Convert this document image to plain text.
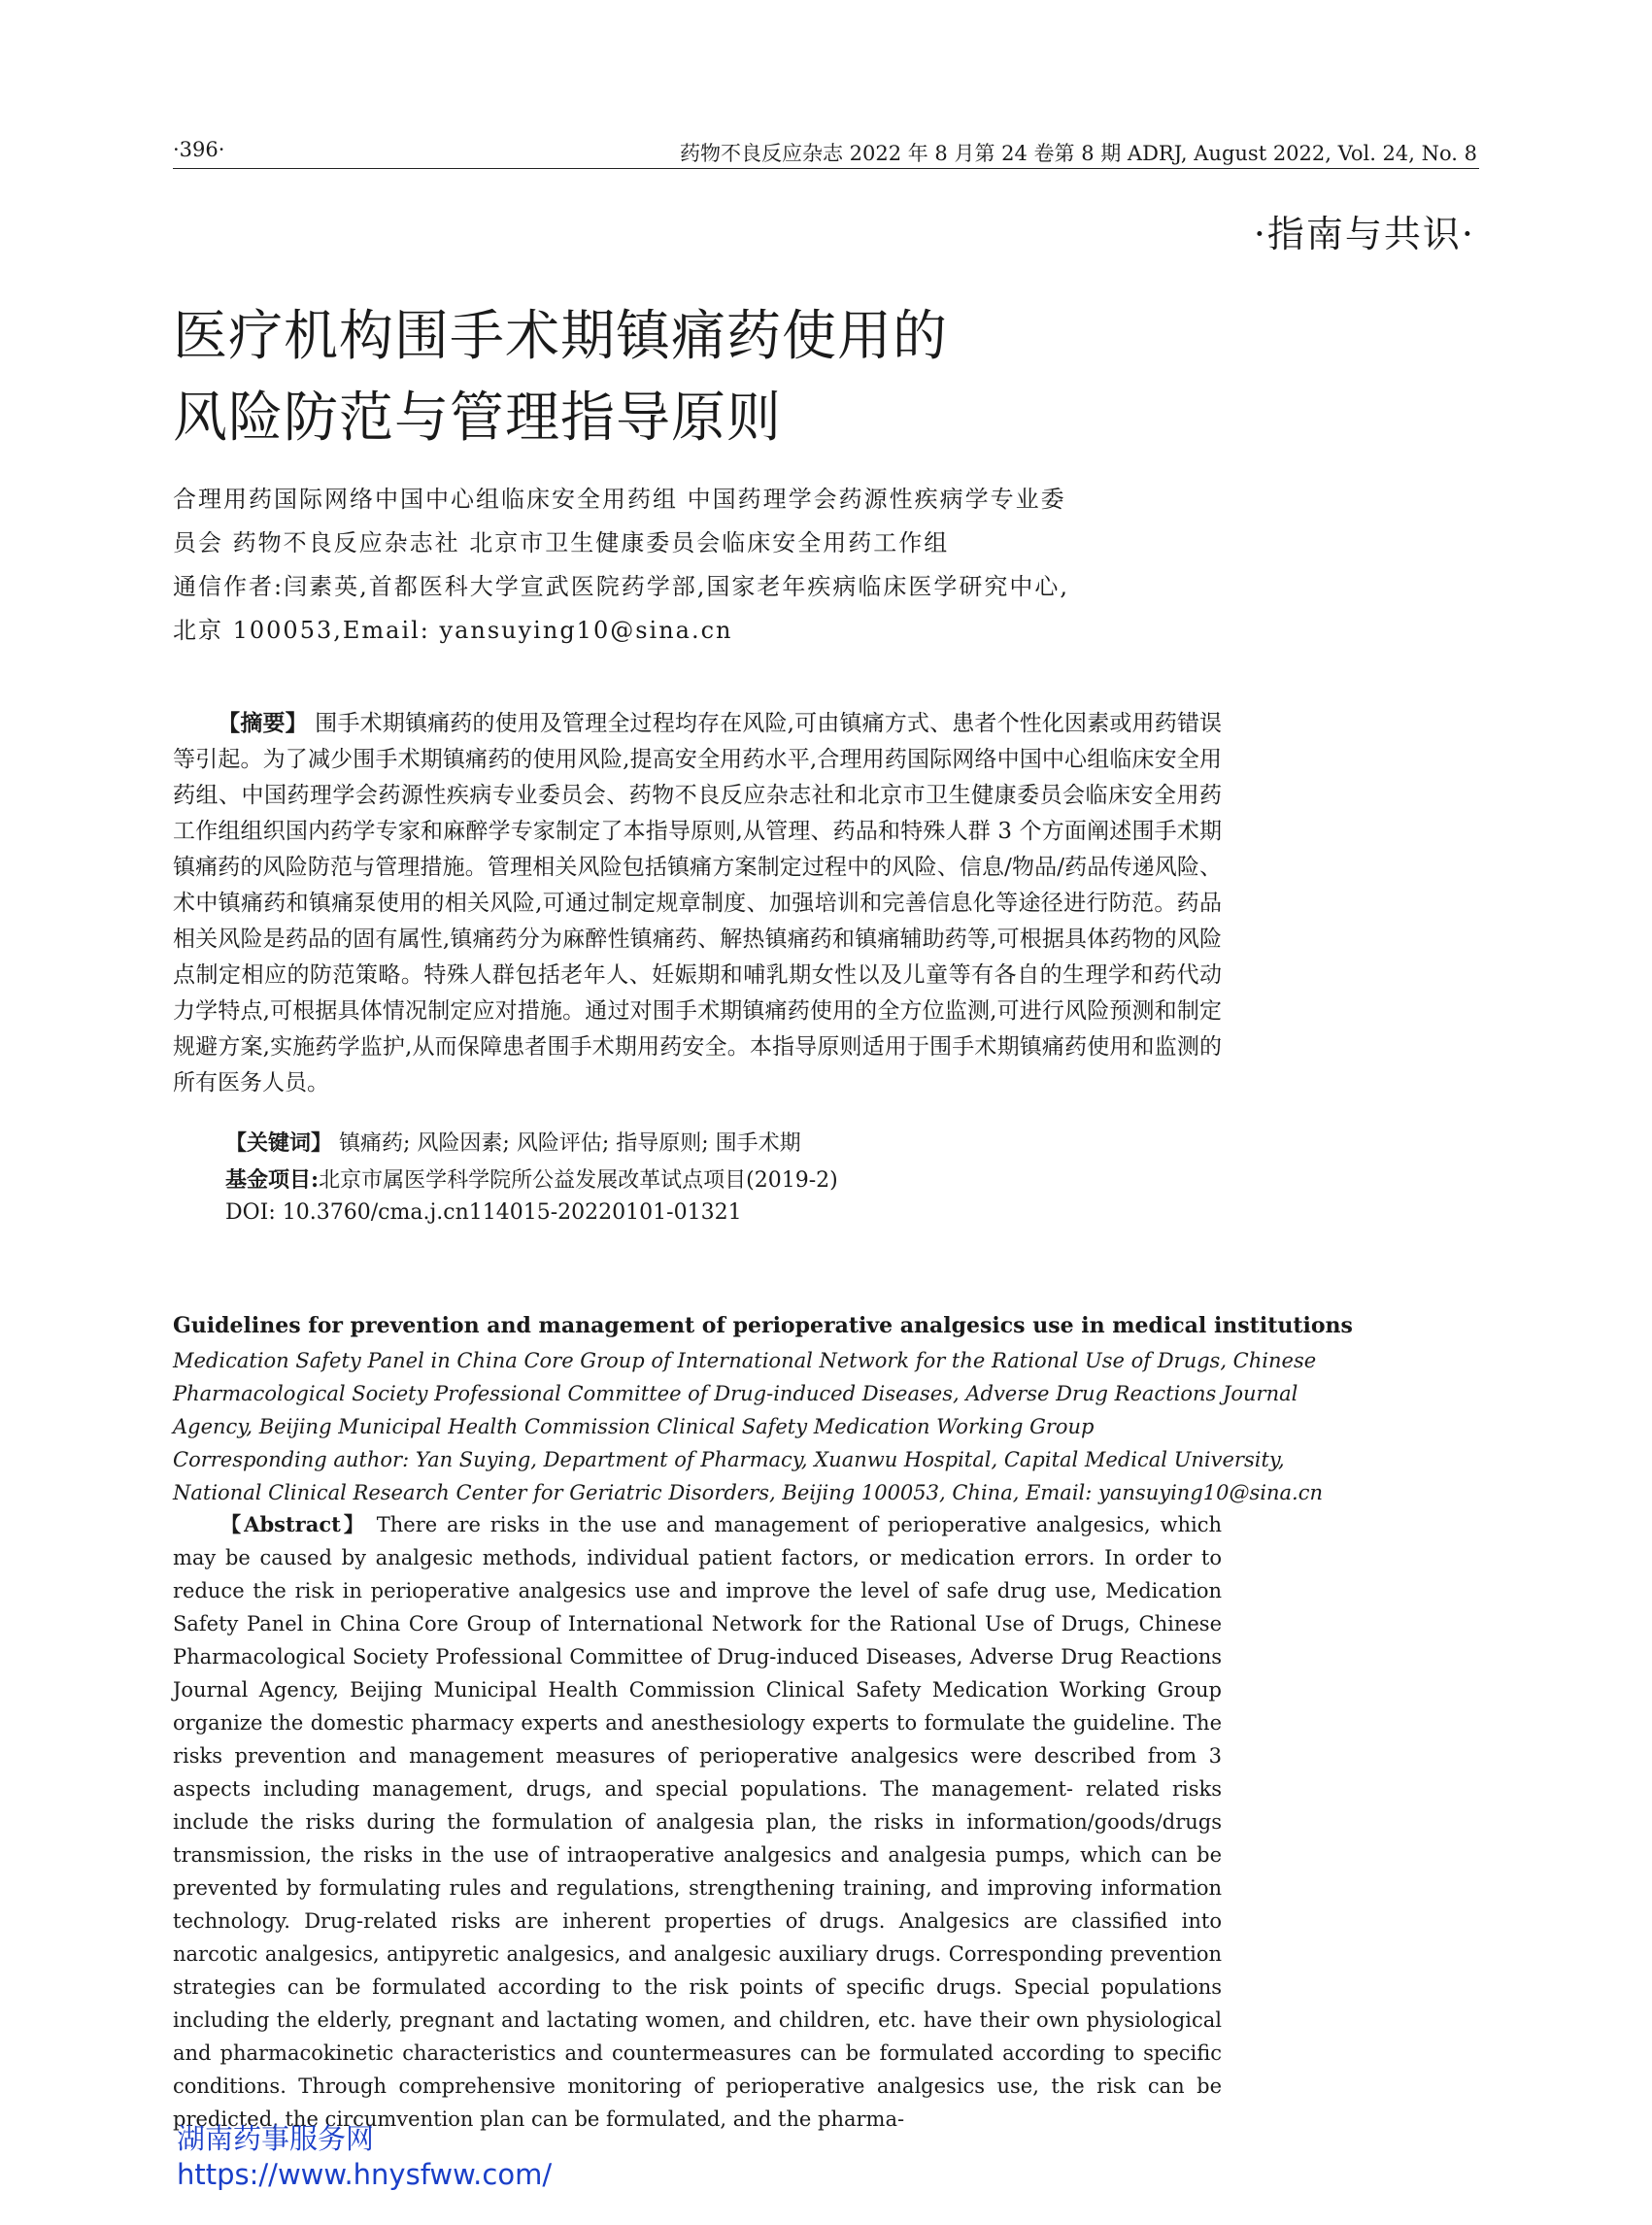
·396·	药物不良反应杂志 2022 年 8 月第 24 卷第 8 期 ADRJ, August 2022, Vol. 24, No. 8
·指南与共识·
医疗机构围手术期镇痛药使用的
风险防范与管理指导原则
合理用药国际网络中国中心组临床安全用药组 中国药理学会药源性疾病学专业委
员会 药物不良反应杂志社 北京市卫生健康委员会临床安全用药工作组
通信作者:闫素英,首都医科大学宣武医院药学部,国家老年疾病临床医学研究中心,
北京 100053,Email: yansuying10@sina.cn
【摘要】 围手术期镇痛药的使用及管理全过程均存在风险,可由镇痛方式、患者个性化因素或用药错误等引起。为了减少围手术期镇痛药的使用风险,提高安全用药水平,合理用药国际网络中国中心组临床安全用药组、中国药理学会药源性疾病专业委员会、药物不良反应杂志社和北京市卫生健康委员会临床安全用药工作组组织国内药学专家和麻醉学专家制定了本指导原则,从管理、药品和特殊人群 3 个方面阐述围手术期镇痛药的风险防范与管理措施。管理相关风险包括镇痛方案制定过程中的风险、信息/物品/药品传递风险、术中镇痛药和镇痛泵使用的相关风险,可通过制定规章制度、加强培训和完善信息化等途径进行防范。药品相关风险是药品的固有属性,镇痛药分为麻醉性镇痛药、解热镇痛药和镇痛辅助药等,可根据具体药物的风险点制定相应的防范策略。特殊人群包括老年人、妊娠期和哺乳期女性以及儿童等有各自的生理学和药代动力学特点,可根据具体情况制定应对措施。通过对围手术期镇痛药使用的全方位监测,可进行风险预测和制定规避方案,实施药学监护,从而保障患者围手术期用药安全。本指导原则适用于围手术期镇痛药使用和监测的所有医务人员。
【关键词】 镇痛药; 风险因素; 风险评估; 指导原则; 围手术期
基金项目:北京市属医学科学院所公益发展改革试点项目(2019-2)
DOI: 10.3760/cma.j.cn114015-20220101-01321
Guidelines for prevention and management of perioperative analgesics use in medical institutions
Medication Safety Panel in China Core Group of International Network for the Rational Use of Drugs, Chinese
Pharmacological Society Professional Committee of Drug-induced Diseases, Adverse Drug Reactions Journal
Agency, Beijing Municipal Health Commission Clinical Safety Medication Working Group
Corresponding author: Yan Suying, Department of Pharmacy, Xuanwu Hospital, Capital Medical University,
National Clinical Research Center for Geriatric Disorders, Beijing 100053, China, Email: yansuying10@sina.cn
【Abstract】 There are risks in the use and management of perioperative analgesics, which may be caused by analgesic methods, individual patient factors, or medication errors. In order to reduce the risk in perioperative analgesics use and improve the level of safe drug use, Medication Safety Panel in China Core Group of International Network for the Rational Use of Drugs, Chinese Pharmacological Society Professional Committee of Drug-induced Diseases, Adverse Drug Reactions Journal Agency, Beijing Municipal Health Commission Clinical Safety Medication Working Group organize the domestic pharmacy experts and anesthesiology experts to formulate the guideline. The risks prevention and management measures of perioperative analgesics were described from 3 aspects including management, drugs, and special populations. The management- related risks include the risks during the formulation of analgesia plan, the risks in information/goods/drugs transmission, the risks in the use of intraoperative analgesics and analgesia pumps, which can be prevented by formulating rules and regulations, strengthening training, and improving information technology. Drug-related risks are inherent properties of drugs. Analgesics are classified into narcotic analgesics, antipyretic analgesics, and analgesic auxiliary drugs. Corresponding prevention strategies can be formulated according to the risk points of specific drugs. Special populations including the elderly, pregnant and lactating women, and children, etc. have their own physiological and pharmacokinetic characteristics and countermeasures can be formulated according to specific conditions. Through comprehensive monitoring of perioperative analgesics use, the risk can be predicted, the circumvention plan can be formulated, and the pharma-
湖南药事服务网
https://www.hnysfww.com/
